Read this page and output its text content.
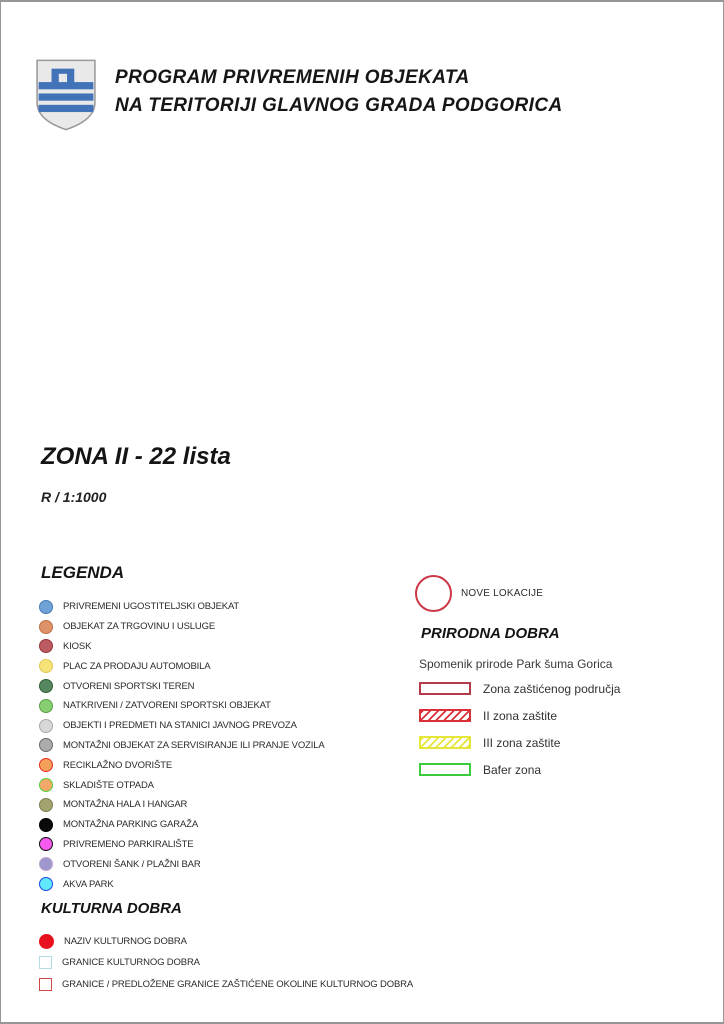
PROGRAM PRIVREMENIH OBJEKATA
NA TERITORIJI GLAVNOG GRADA PODGORICA
ZONA II - 22 lista
R / 1:1000
LEGENDA
PRIVREMENI UGOSTITELJSKI OBJEKAT
OBJEKAT ZA TRGOVINU I USLUGE
KIOSK
PLAC ZA PRODAJU AUTOMOBILA
OTVORENI SPORTSKI TEREN
NATKRIVENI / ZATVORENI SPORTSKI OBJEKAT
OBJEKTI I PREDMETI NA STANICI JAVNOG PREVOZA
MONTAŽNI OBJEKAT ZA SERVISIRANJE ILI PRANJE VOZILA
RECIKLAŽNO DVORIŠTE
SKLADIŠTE OTPADA
MONTAŽNA HALA I HANGAR
MONTAŽNA PARKING GARAŽA
PRIVREMENO PARKIRALIŠTE
OTVORENI ŠANK / PLAŽNI BAR
AKVA PARK
NOVE LOKACIJE
PRIRODNA DOBRA
Spomenik prirode Park šuma Gorica
Zona zaštićenog područja
II zona zaštite
III zona zaštite
Bafer zona
KULTURNA DOBRA
NAZIV KULTURNOG DOBRA
GRANICE KULTURNOG DOBRA
GRANICE / PREDLOŽENE GRANICE ZAŠTIĆENE OKOLINE KULTURNOG DOBRA
